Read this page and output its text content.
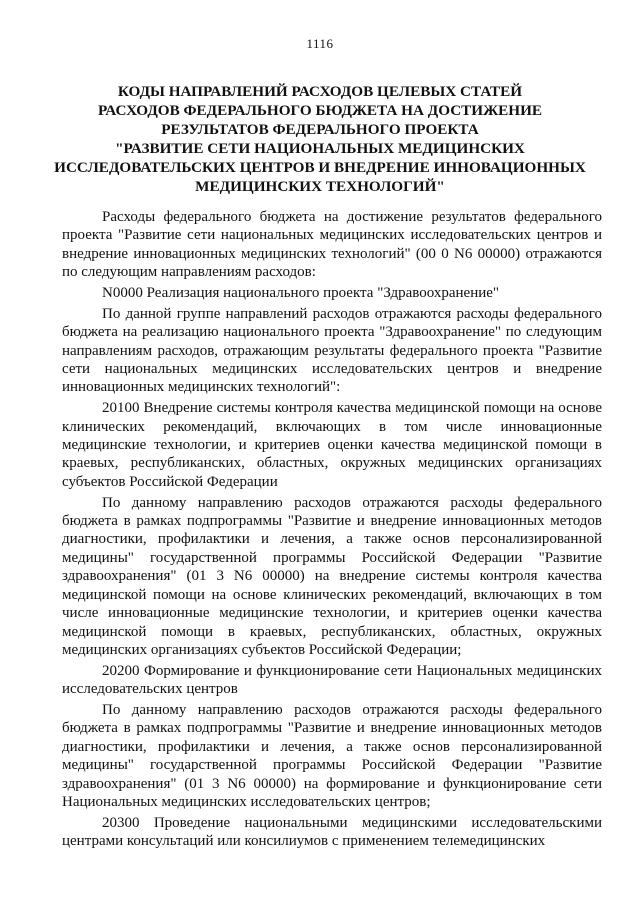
1116
КОДЫ НАПРАВЛЕНИЙ РАСХОДОВ ЦЕЛЕВЫХ СТАТЕЙ
РАСХОДОВ ФЕДЕРАЛЬНОГО БЮДЖЕТА НА ДОСТИЖЕНИЕ
РЕЗУЛЬТАТОВ ФЕДЕРАЛЬНОГО ПРОЕКТА
"РАЗВИТИЕ СЕТИ НАЦИОНАЛЬНЫХ МЕДИЦИНСКИХ
ИССЛЕДОВАТЕЛЬСКИХ ЦЕНТРОВ И ВНЕДРЕНИЕ ИННОВАЦИОННЫХ
МЕДИЦИНСКИХ ТЕХНОЛОГИЙ"

Расходы федерального бюджета на достижение результатов федерального проекта "Развитие сети национальных медицинских исследовательских центров и внедрение инновационных медицинских технологий" (00 0 N6 00000) отражаются по следующим направлениям расходов:

N0000 Реализация национального проекта "Здравоохранение"

По данной группе направлений расходов отражаются расходы федерального бюджета на реализацию национального проекта "Здравоохранение" по следующим направлениям расходов, отражающим результаты федерального проекта "Развитие сети национальных медицинских исследовательских центров и внедрение инновационных медицинских технологий":

20100 Внедрение системы контроля качества медицинской помощи на основе клинических рекомендаций, включающих в том числе инновационные медицинские технологии, и критериев оценки качества медицинской помощи в краевых, республиканских, областных, окружных медицинских организациях субъектов Российской Федерации

По данному направлению расходов отражаются расходы федерального бюджета в рамках подпрограммы "Развитие и внедрение инновационных методов диагностики, профилактики и лечения, а также основ персонализированной медицины" государственной программы Российской Федерации "Развитие здравоохранения" (01 3 N6 00000) на внедрение системы контроля качества медицинской помощи на основе клинических рекомендаций, включающих в том числе инновационные медицинские технологии, и критериев оценки качества медицинской помощи в краевых, республиканских, областных, окружных медицинских организациях субъектов Российской Федерации;

20200 Формирование и функционирование сети Национальных медицинских исследовательских центров

По данному направлению расходов отражаются расходы федерального бюджета в рамках подпрограммы "Развитие и внедрение инновационных методов диагностики, профилактики и лечения, а также основ персонализированной медицины" государственной программы Российской Федерации "Развитие здравоохранения" (01 3 N6 00000) на формирование и функционирование сети Национальных медицинских исследовательских центров;

20300 Проведение национальными медицинскими исследовательскими центрами консультаций или консилиумов с применением телемедицинских
